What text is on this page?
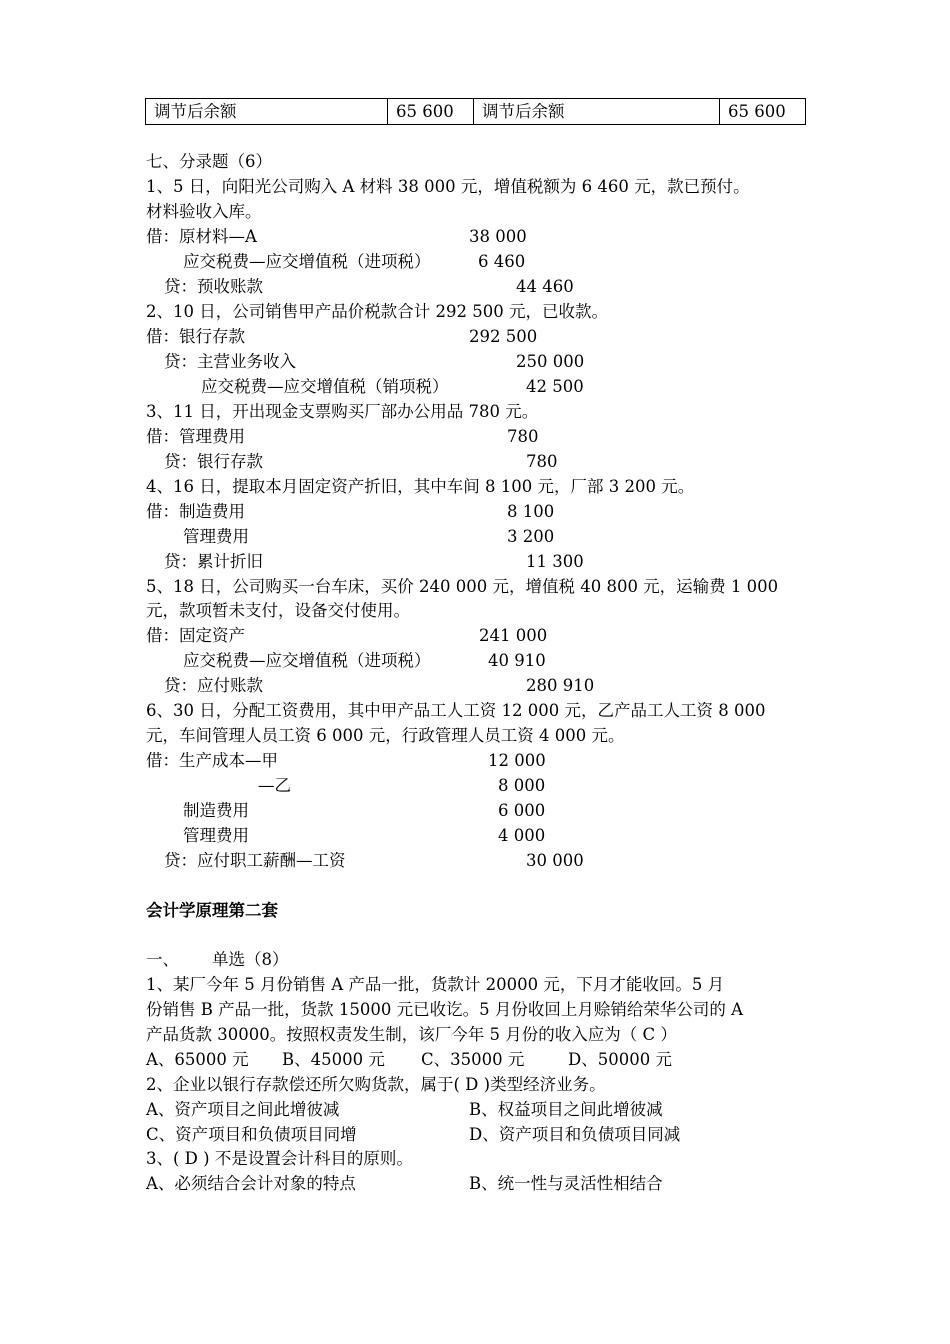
调节后余额	65 600	调节后余额	65 600
七、分录题（6）
1、5 日，向阳光公司购入 A 材料 38 000 元，增值税额为 6 460 元，款已预付。
材料验收入库。
借：原材料—A	38 000
应交税费—应交增值税（进项税）	6 460
贷：预收账款	44 460
2、10 日，公司销售甲产品价税款合计 292 500 元，已收款。
借：银行存款	292 500
贷：主营业务收入	250 000
应交税费—应交增值税（销项税）	42 500
3、11 日，开出现金支票购买厂部办公用品 780 元。
借：管理费用	780
贷：银行存款	780
4、16 日，提取本月固定资产折旧，其中车间 8 100 元，厂部 3 200 元。
借：制造费用	8 100
管理费用	3 200
贷：累计折旧	11 300
5、18 日，公司购买一台车床，买价 240 000 元，增值税 40 800 元，运输费 1 000
元，款项暂未支付，设备交付使用。
借：固定资产	241 000
应交税费—应交增值税（进项税）	40 910
贷：应付账款	280 910
6、30 日，分配工资费用，其中甲产品工人工资 12 000 元，乙产品工人工资 8 000
元，车间管理人员工资 6 000 元，行政管理人员工资 4 000 元。
借：生产成本—甲	12 000
—乙	8 000
制造费用	6 000
管理费用	4 000
贷：应付职工薪酬—工资	30 000
会计学原理第二套
一、 单选（8）
1、某厂今年 5 月份销售 A 产品一批，货款计 20000 元，下月才能收回。5 月
份销售 B 产品一批，货款 15000 元已收讫。5 月份收回上月赊销给荣华公司的 A
产品货款 30000。按照权责发生制，该厂今年 5 月份的收入应为（ C ）
A、65000 元 B、45000 元 C、35000 元	D、50000 元
2、企业以银行存款偿还所欠购货款，属于( D )类型经济业务。
A、资产项目之间此增彼减	B、权益项目之间此增彼减
C、资产项目和负债项目同增	D、资产项目和负债项目同减
3、( D ) 不是设置会计科目的原则。
A、必须结合会计对象的特点	B、统一性与灵活性相结合
